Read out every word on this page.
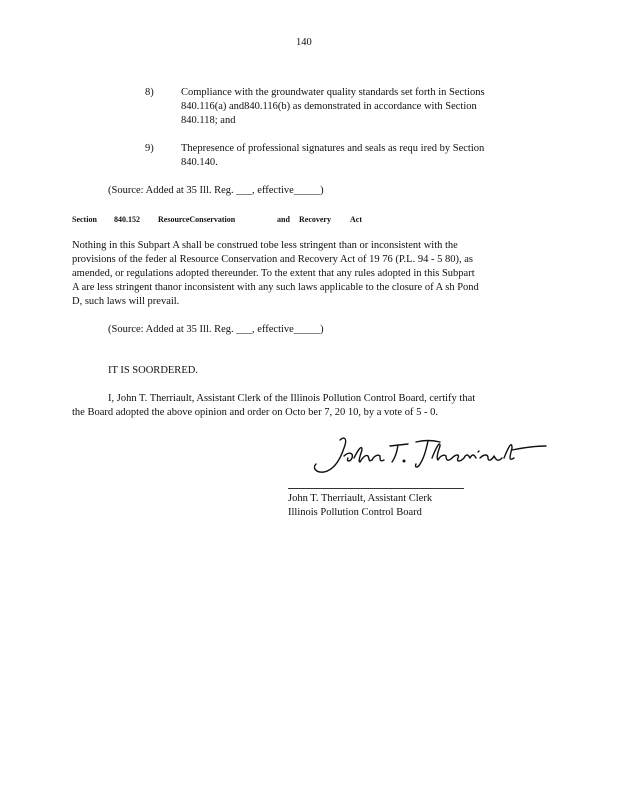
140
8)	Compliance with the groundwater quality standards set forth in Sections
840.116(a) and840.116(b) as demonstrated in accordance with Section
840.118; and
9)	Thepresence of professional signatures and seals as requ ired by Section
840.140.
(Source: Added at 35 Ill. Reg. ___, effective_____)
Section 840.152 ResourceConservation	and Recovery Act
Nothing in this Subpart A shall be construed tobe less stringent than or inconsistent with the
provisions of the feder al Resource Conservation and Recovery Act of 19 76 (P.L. 94 - 5 80), as
amended, or regulations adopted thereunder. To the extent that any rules adopted in this Subpart
A are less stringent thanor inconsistent with any such laws applicable to the closure of A sh Pond
D, such laws will prevail.
(Source: Added at 35 Ill. Reg. ___, effective_____)
IT IS SOORDERED.
I, John T. Therriault, Assistant Clerk of the Illinois Pollution Control Board, certify that
the Board adopted the above opinion and order on Octo ber 7, 20 10, by a vote of 5 - 0.
John T. Therriault, Assistant Clerk
Illinois Pollution Control Board
